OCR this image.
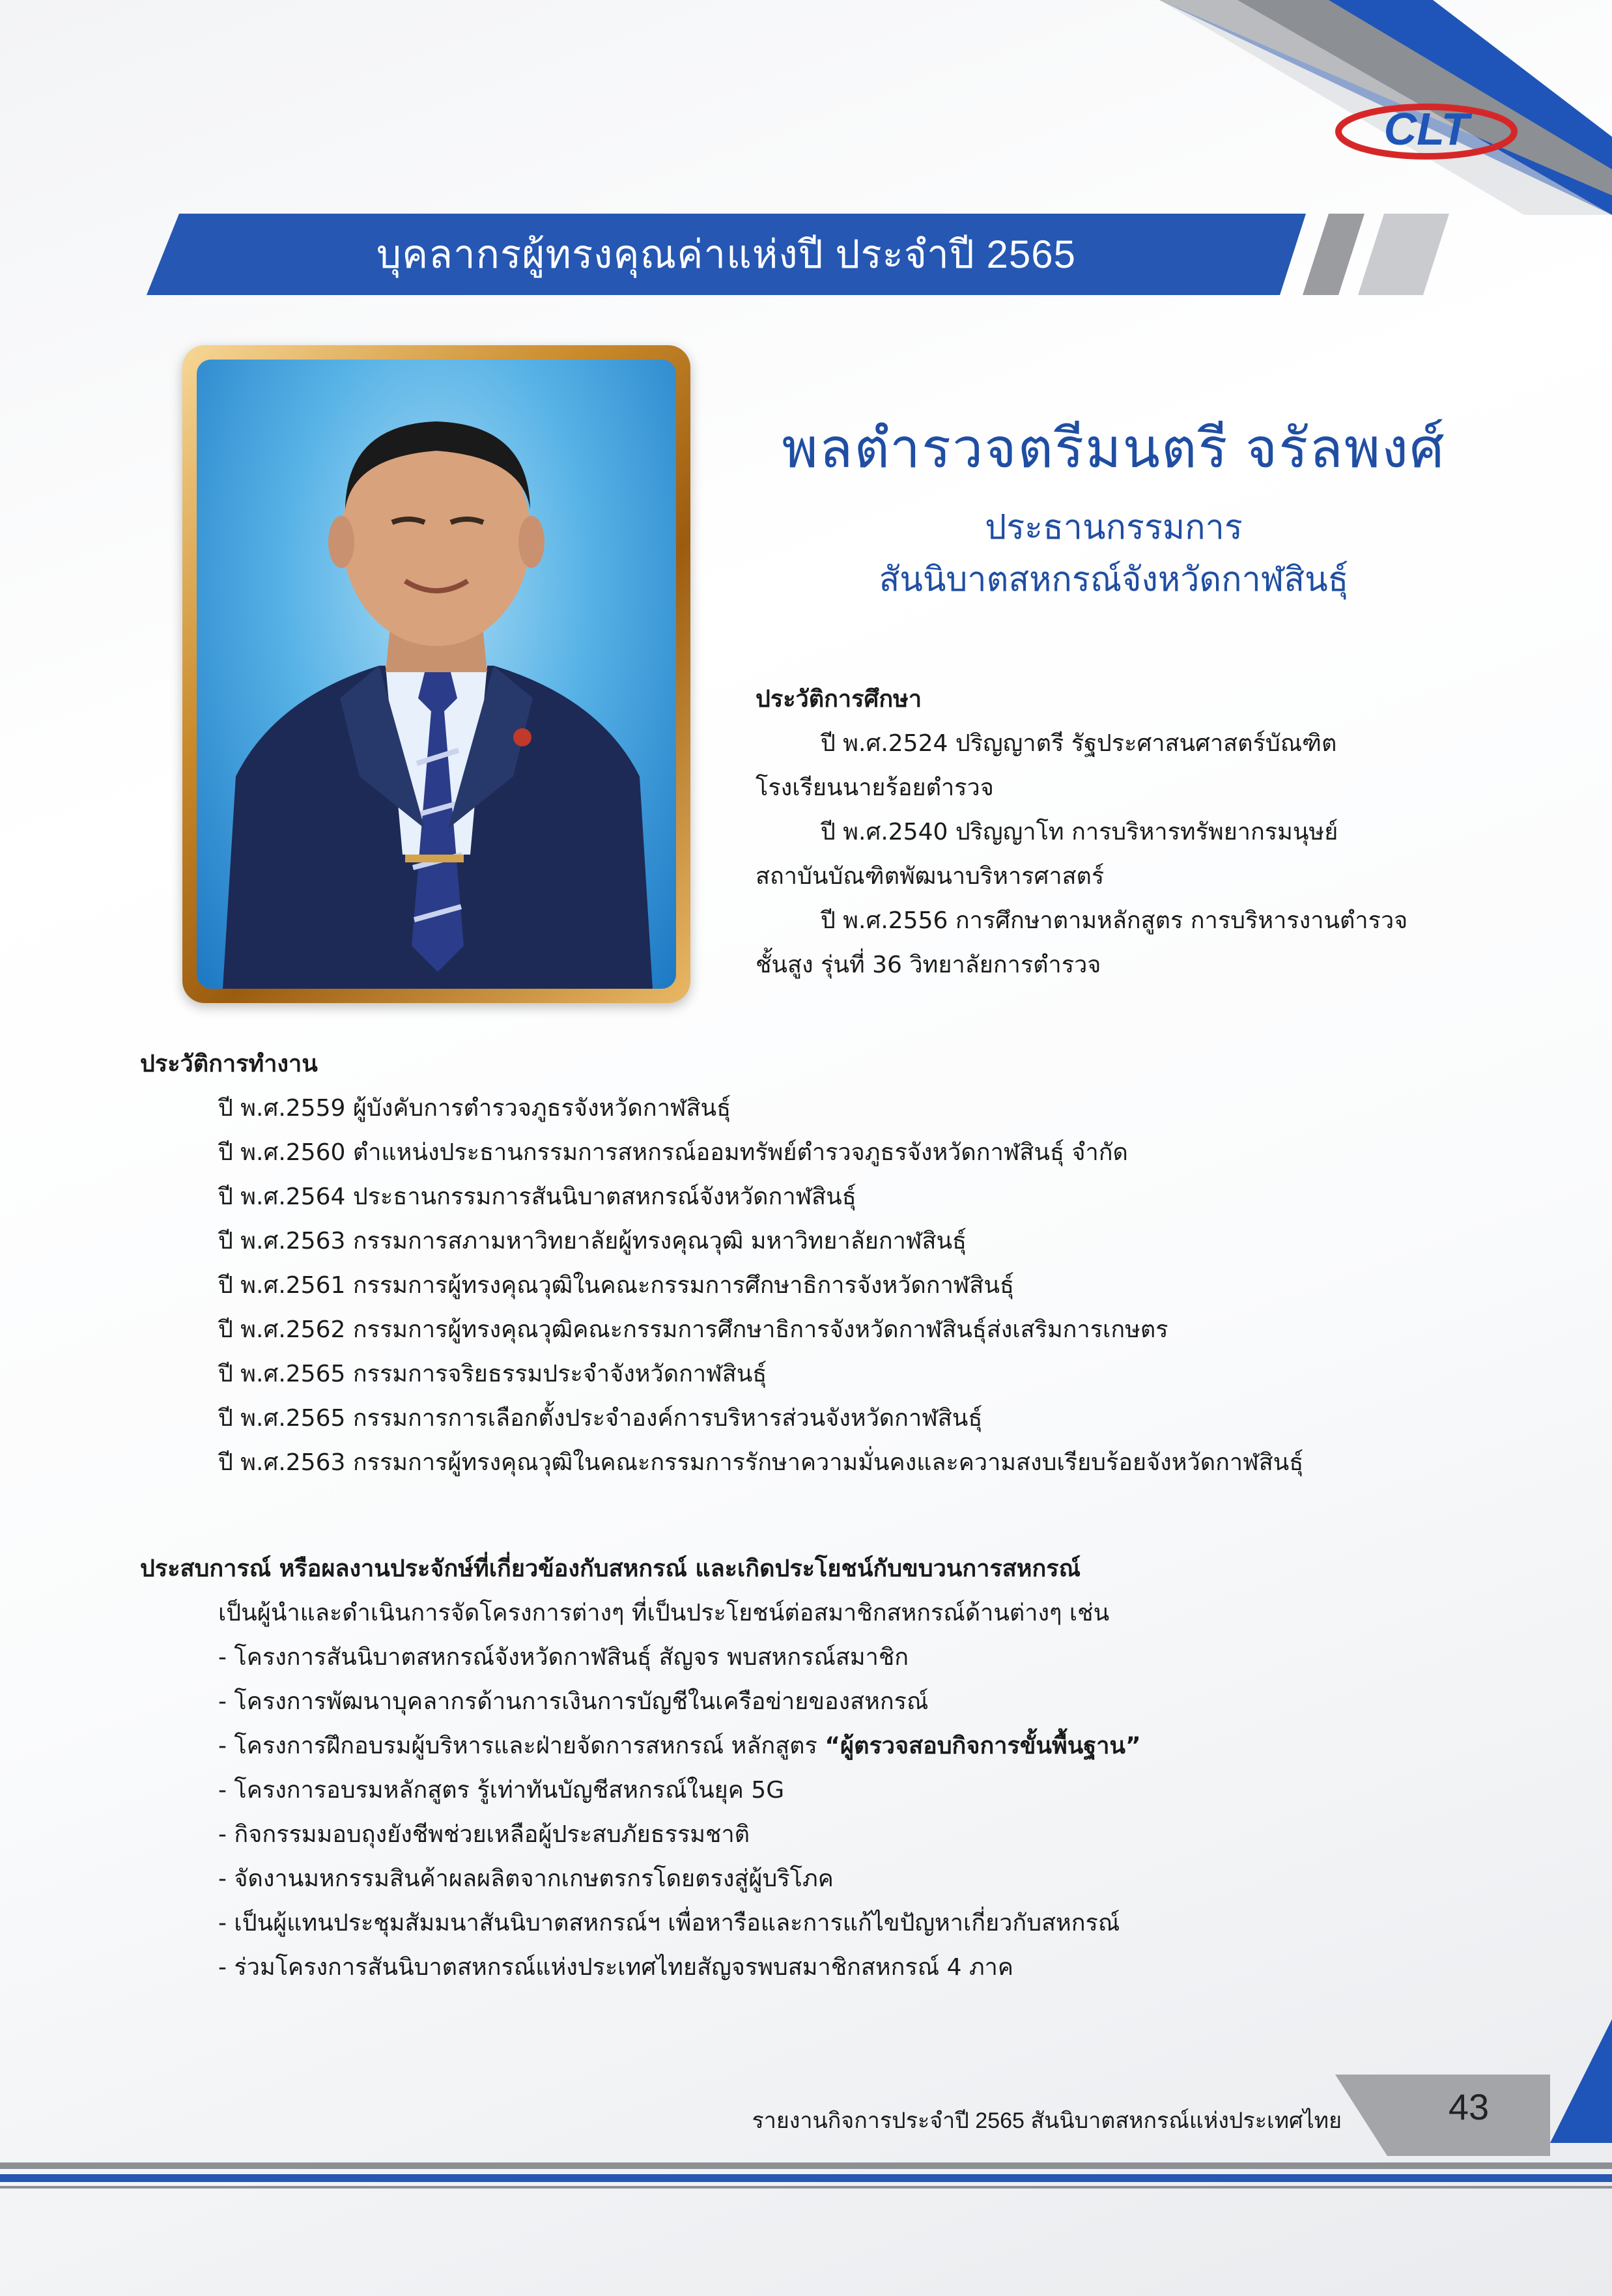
CLT
บุคลากรผู้ทรงคุณค่าแห่งปี ประจำปี 2565
พลตำรวจตรีมนตรี จรัลพงศ์
ประธานกรรมการ
สันนิบาตสหกรณ์จังหวัดกาฬสินธุ์
ประวัติการศึกษา
ปี พ.ศ.2524 ปริญญาตรี รัฐประศาสนศาสตร์บัณฑิต
โรงเรียนนายร้อยตำรวจ
ปี พ.ศ.2540 ปริญญาโท การบริหารทรัพยากรมนุษย์
สถาบันบัณฑิตพัฒนาบริหารศาสตร์
ปี พ.ศ.2556 การศึกษาตามหลักสูตร การบริหารงานตำรวจ
ชั้นสูง รุ่นที่ 36 วิทยาลัยการตำรวจ
ประวัติการทำงาน
ปี พ.ศ.2559 ผู้บังคับการตำรวจภูธรจังหวัดกาฬสินธุ์
ปี พ.ศ.2560 ตำแหน่งประธานกรรมการสหกรณ์ออมทรัพย์ตำรวจภูธรจังหวัดกาฬสินธุ์ จำกัด
ปี พ.ศ.2564 ประธานกรรมการสันนิบาตสหกรณ์จังหวัดกาฬสินธุ์
ปี พ.ศ.2563 กรรมการสภามหาวิทยาลัยผู้ทรงคุณวุฒิ มหาวิทยาลัยกาฬสินธุ์
ปี พ.ศ.2561 กรรมการผู้ทรงคุณวุฒิในคณะกรรมการศึกษาธิการจังหวัดกาฬสินธุ์
ปี พ.ศ.2562 กรรมการผู้ทรงคุณวุฒิคณะกรรมการศึกษาธิการจังหวัดกาฬสินธุ์ส่งเสริมการเกษตร
ปี พ.ศ.2565 กรรมการจริยธรรมประจำจังหวัดกาฬสินธุ์
ปี พ.ศ.2565 กรรมการการเลือกตั้งประจำองค์การบริหารส่วนจังหวัดกาฬสินธุ์
ปี พ.ศ.2563 กรรมการผู้ทรงคุณวุฒิในคณะกรรมการรักษาความมั่นคงและความสงบเรียบร้อยจังหวัดกาฬสินธุ์
ประสบการณ์ หรือผลงานประจักษ์ที่เกี่ยวข้องกับสหกรณ์ และเกิดประโยชน์กับขบวนการสหกรณ์
เป็นผู้นำและดำเนินการจัดโครงการต่างๆ ที่เป็นประโยชน์ต่อสมาชิกสหกรณ์ด้านต่างๆ เช่น
- โครงการสันนิบาตสหกรณ์จังหวัดกาฬสินธุ์ สัญจร พบสหกรณ์สมาชิก
- โครงการพัฒนาบุคลากรด้านการเงินการบัญชีในเครือข่ายของสหกรณ์
- โครงการฝึกอบรมผู้บริหารและฝ่ายจัดการสหกรณ์ หลักสูตร “ผู้ตรวจสอบกิจการขั้นพื้นฐาน”
- โครงการอบรมหลักสูตร รู้เท่าทันบัญชีสหกรณ์ในยุค 5G
- กิจกรรมมอบถุงยังชีพช่วยเหลือผู้ประสบภัยธรรมชาติ
- จัดงานมหกรรมสินค้าผลผลิตจากเกษตรกรโดยตรงสู่ผู้บริโภค
- เป็นผู้แทนประชุมสัมมนาสันนิบาตสหกรณ์ฯ เพื่อหารือและการแก้ไขปัญหาเกี่ยวกับสหกรณ์
- ร่วมโครงการสันนิบาตสหกรณ์แห่งประเทศไทยสัญจรพบสมาชิกสหกรณ์ 4 ภาค
รายงานกิจการประจำปี 2565 สันนิบาตสหกรณ์แห่งประเทศไทย	43
